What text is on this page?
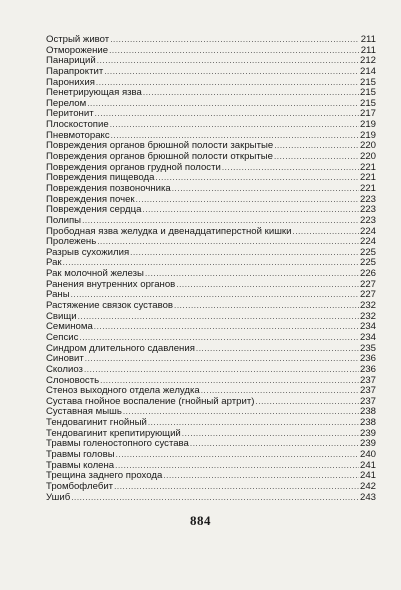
Острый живот .....	211
Отморожение .....	211
Панариций .....	212
Парапроктит .....	214
Паронихия .....	215
Пенетрирующая язва .....	215
Перелом .....	215
Перитонит .....	217
Плоскостопие .....	219
Пневмоторакс .....	219
Повреждения органов брюшной полости закрытые .....	220
Повреждения органов брюшной полости открытые .....	220
Повреждения органов грудной полости .....	221
Повреждения пищевода .....	221
Повреждения позвоночника .....	221
Повреждения почек .....	223
Повреждения сердца .....	223
Полипы .....	223
Прободная язва желудка и двенадцатиперстной кишки .....	224
Пролежень .....	224
Разрыв сухожилия .....	225
Рак .....	225
Рак молочной железы .....	226
Ранения внутренних органов .....	227
Раны .....	227
Растяжение связок суставов .....	232
Свищи .....	232
Семинома .....	234
Сепсис .....	234
Синдром длительного сдавления .....	235
Синовит .....	236
Сколиоз .....	236
Слоновость .....	237
Стеноз выходного отдела желудка .....	237
Сустава гнойное воспаление (гнойный артрит) .....	237
Суставная мышь .....	238
Тендовагинит гнойный .....	238
Тендовагинит крепитирующий .....	239
Травмы голеностопного сустава .....	239
Травмы головы .....	240
Травмы колена .....	241
Трещина заднего прохода .....	241
Тромбофлебит .....	242
Ушиб .....	243
884
